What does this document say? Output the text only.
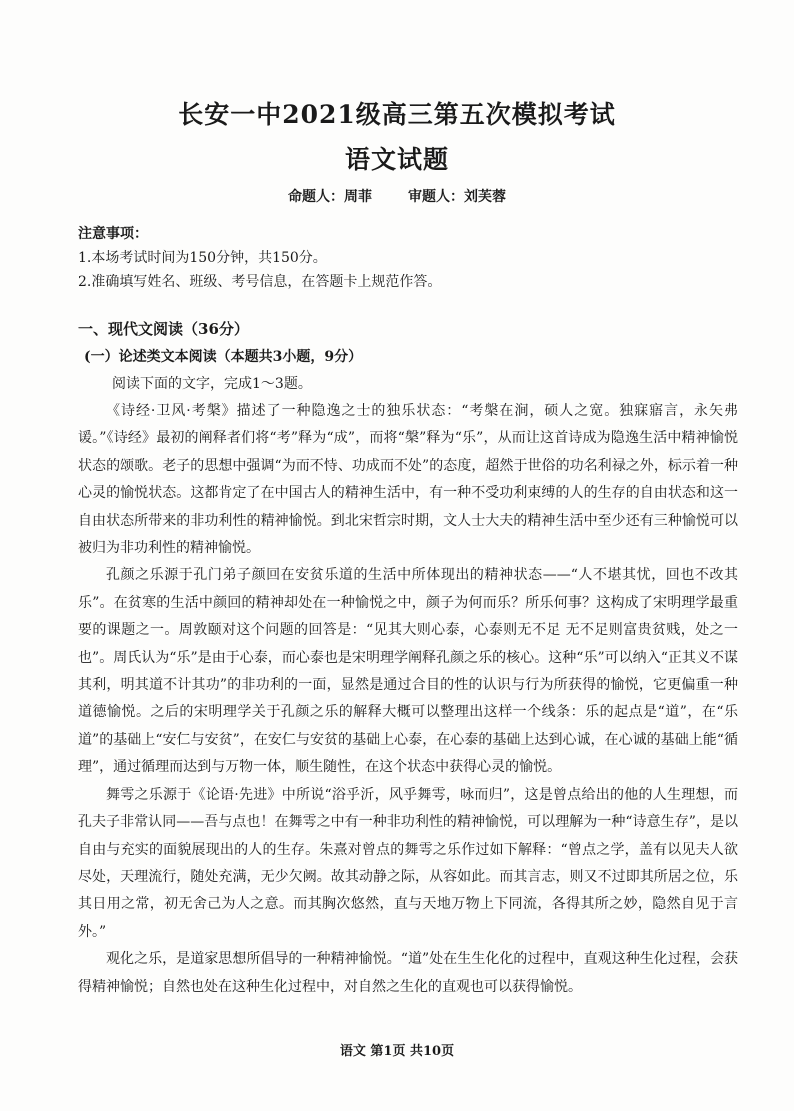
长安一中2021级高三第五次模拟考试
语文试题
命题人：周菲	审题人：刘芙蓉
注意事项：
1.本场考试时间为150分钟，共150分。
2.准确填写姓名、班级、考号信息，在答题卡上规范作答。
一、现代文阅读（36分）
(一）论述类文本阅读（本题共3小题，9分）
阅读下面的文字，完成1～3题。

《诗经·卫风·考槃》描述了一种隐逸之士的独乐状态：“考槃在涧，硕人之宽。独寐寤言，永矢弗谖。”《诗经》最初的阐释者们将“考”释为“成”，而将“槃”释为“乐”，从而让这首诗成为隐逸生活中精神愉悦状态的颂歌。老子的思想中强调“为而不恃、功成而不处”的态度，超然于世俗的功名利禄之外，标示着一种心灵的愉悦状态。这都肯定了在中国古人的精神生活中，有一种不受功利束缚的人的生存的自由状态和这一自由状态所带来的非功利性的精神愉悦。到北宋哲宗时期，文人士大夫的精神生活中至少还有三种愉悦可以被归为非功利性的精神愉悦。

孔颜之乐源于孔门弟子颜回在安贫乐道的生活中所体现出的精神状态——“人不堪其忧，回也不改其乐”。在贫寒的生活中颜回的精神却处在一种愉悦之中，颜子为何而乐？所乐何事？这构成了宋明理学最重要的课题之一。周敦颐对这个问题的回答是：“见其大则心泰，心泰则无不足 无不足则富贵贫贱，处之一也”。周氏认为“乐”是由于心泰，而心泰也是宋明理学阐释孔颜之乐的核心。这种“乐”可以纳入“正其义不谋其利，明其道不计其功”的非功利的一面，显然是通过合目的性的认识与行为所获得的愉悦，它更偏重一种道德愉悦。之后的宋明理学关于孔颜之乐的解释大概可以整理出这样一个线条：乐的起点是“道”，在“乐道”的基础上“安仁与安贫”，在安仁与安贫的基础上心泰，在心泰的基础上达到心诚，在心诚的基础上能“循理”，通过循理而达到与万物一体，顺生随性，在这个状态中获得心灵的愉悦。

舞雩之乐源于《论语·先进》中所说“浴乎沂，风乎舞雩，咏而归”，这是曾点给出的他的人生理想，而孔夫子非常认同——吾与点也！在舞雩之中有一种非功利性的精神愉悦，可以理解为一种“诗意生存”，是以自由与充实的面貌展现出的人的生存。朱熹对曾点的舞雩之乐作过如下解释：“曾点之学，盖有以见夫人欲尽处，天理流行，随处充满，无少欠阙。故其动静之际，从容如此。而其言志，则又不过即其所居之位，乐其日用之常，初无舍己为人之意。而其胸次悠然，直与天地万物上下同流，各得其所之妙，隐然自见于言外。”

观化之乐，是道家思想所倡导的一种精神愉悦。“道”处在生生化化的过程中，直观这种生化过程，会获得精神愉悦；自然也处在这种生化过程中，对自然之生化的直观也可以获得愉悦。

语文 第1页 共10页
